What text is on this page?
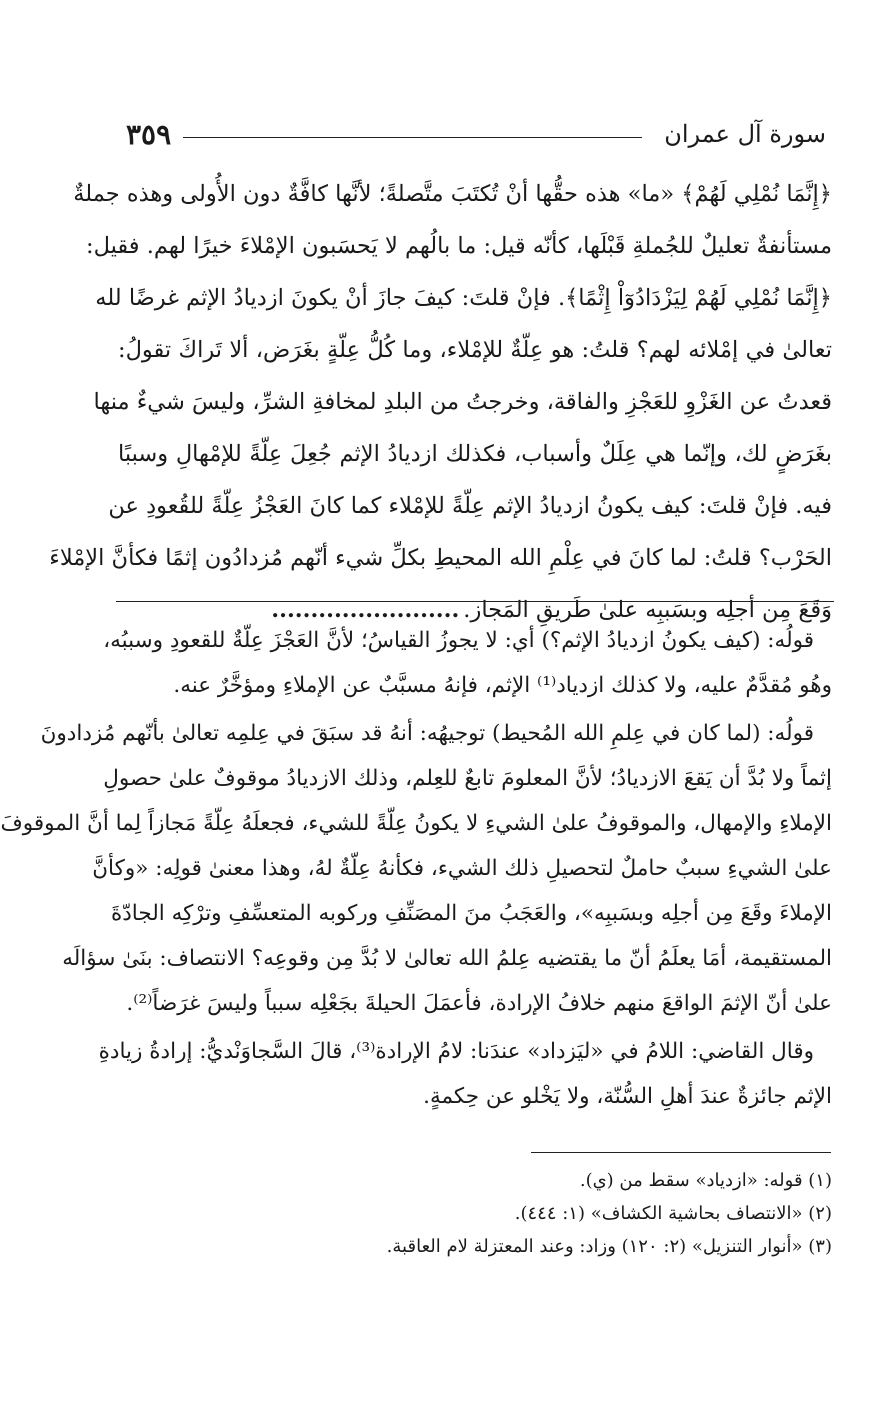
سورة آل عمران
٣٥٩
﴿إِنَّمَا نُمْلِي لَهُمْ﴾ «ما» هذه حقُّها أنْ تُكتَبَ متَّصلةً؛ لأنَّها كافَّةٌ دون الأُولى وهذه جملةٌ
مستأنفةٌ تعليلٌ للجُملةِ قَبْلَها، كأنّه قيل: ما بالُهم لا يَحسَبون الإمْلاءَ خيرًا لهم. فقيل:
﴿إِنَّمَا نُمْلِي لَهُمْ لِيَزْدَادُوٓاْ إِثْمًا﴾. فإنْ قلتَ: كيفَ جازَ أنْ يكونَ ازديادُ الإثم غرضًا لله
تعالىٰ في إمْلائه لهم؟ قلتُ: هو عِلّةٌ للإمْلاء، وما كُلُّ عِلّةٍ بغَرَض، ألا تَراكَ تقولُ:
قعدتُ عن الغَزْوِ للعَجْزِ والفاقة، وخرجتُ من البلدِ لمخافةِ الشرِّ، وليسَ شيءٌ منها
بغَرَضٍ لك، وإنّما هي عِلَلٌ وأسباب، فكذلك ازديادُ الإثم جُعِلَ عِلّةً للإمْهالِ وسببًا
فيه. فإنْ قلتَ: كيف يكونُ ازديادُ الإثم عِلّةً للإمْلاء كما كانَ العَجْزُ عِلّةً للقُعودِ عن
الحَرْب؟ قلتُ: لما كانَ في عِلْمِ الله المحيطِ بكلِّ شيء أنّهم مُزدادُون إثمًا فكأنَّ الإمْلاءَ
وَقَعَ مِن أجلِه وبسَببِه علىٰ طَريقِ المَجاز.........................
قولُه: (كيف يكونُ ازديادُ الإثم؟) أي: لا يجوزُ القياسُ؛ لأنَّ العَجْزَ عِلّةٌ للقعودِ وسببُه،
وهُو مُقدَّمٌ عليه، ولا كذلك ازدياد⁽¹⁾ الإثم، فإنهُ مسبَّبٌ عن الإملاءِ ومؤخَّرٌ عنه.
قولُه: (لما كان في عِلمِ الله المُحيط) توجيهُه: أنهُ قد سبَقَ في عِلمِه تعالىٰ بأنّهم مُزدادونَ
إثماً ولا بُدَّ أن يَقعَ الازديادُ؛ لأنَّ المعلومَ تابعٌ للعِلم، وذلك الازديادُ موقوفٌ علىٰ حصولِ
الإملاءِ والإمهال، والموقوفُ علىٰ الشيءِ لا يكونُ عِلّةً للشيء، فجعلَهُ عِلّةً مَجازاً لِما أنَّ الموقوفَ
علىٰ الشيءِ سببٌ حاملٌ لتحصيلِ ذلك الشيء، فكأنهُ عِلّةٌ لهُ، وهذا معنىٰ قولِه: «وكأنَّ
الإملاءَ وقَعَ مِن أجلِه وبسَببِه»، والعَجَبُ منَ المصَنِّفِ وركوبه المتعسِّفِ وترْكِه الجادّةَ
المستقيمة، أمَا يعلَمُ أنّ ما يقتضيه عِلمُ الله تعالىٰ لا بُدَّ مِن وقوعِه؟ الانتصاف: بنَىٰ سؤالَه
علىٰ أنّ الإثمَ الواقعَ منهم خلافُ الإرادة، فأعمَلَ الحيلةَ بجَعْلِه سبباً وليسَ غرَضاً⁽²⁾.
وقال القاضي: اللامُ في «ليَزداد» عندَنا: لامُ الإرادة⁽³⁾، قالَ السَّجاوَنْديُّ: إرادةُ زيادةِ
الإثم جائزةٌ عندَ أهلِ السُّنّة، ولا يَخْلو عن حِكمةٍ.
(١) قوله: «ازدياد» سقط من (ي).
(٢) «الانتصاف بحاشية الكشاف» (١: ٤٤٤).
(٣) «أنوار التنزيل» (٢: ١٢٠) وزاد: وعند المعتزلة لام العاقبة.
